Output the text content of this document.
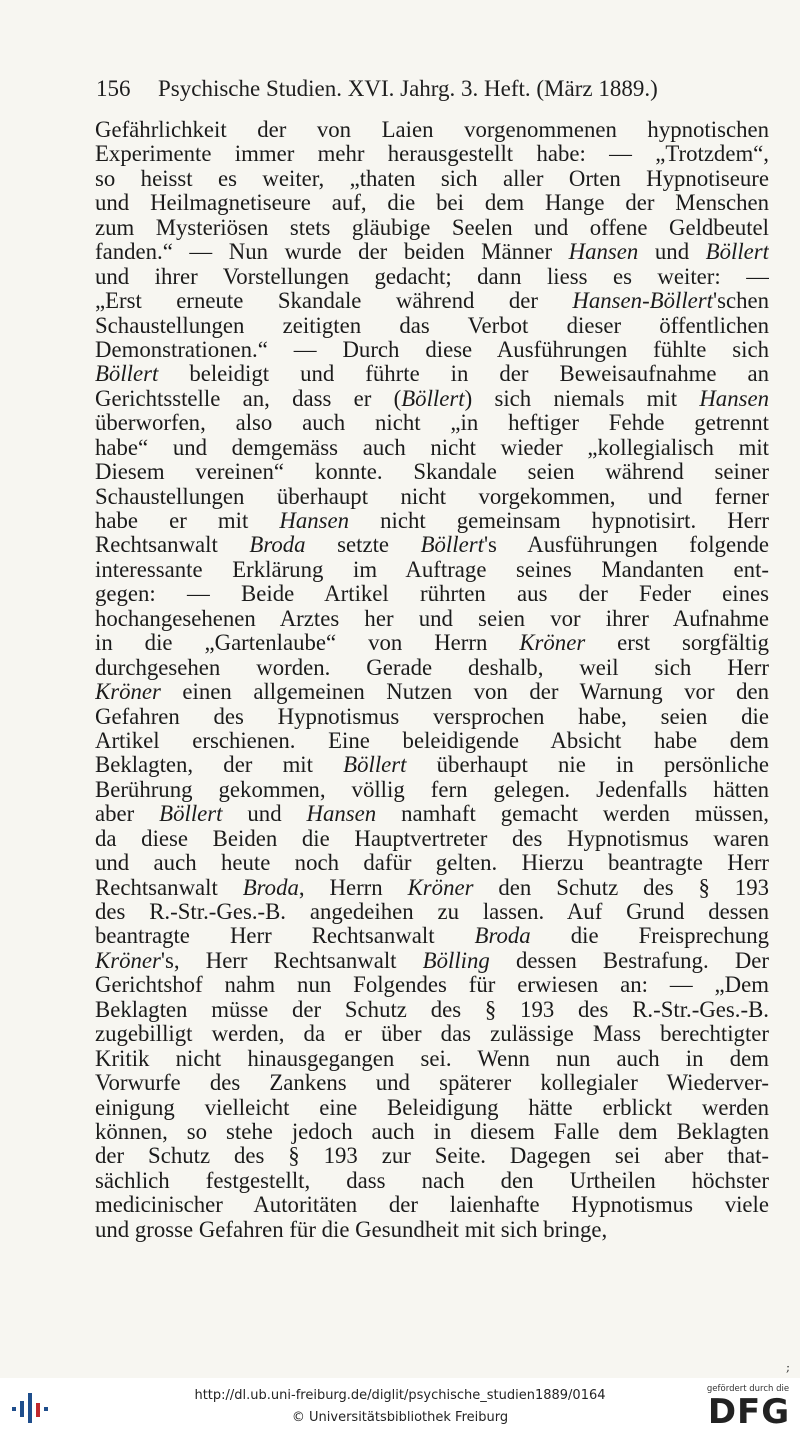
156	Psychische Studien. XVI. Jahrg. 3. Heft. (März 1889.)
Gefährlichkeit der von Laien vorgenommenen hypnotischen
Experimente immer mehr herausgestellt habe: — „Trotzdem“,
so heisst es weiter, „thaten sich aller Orten Hypnotiseure
und Heilmagnetiseure auf, die bei dem Hange der Menschen
zum Mysteriösen stets gläubige Seelen und offene Geldbeutel
fanden.“ — Nun wurde der beiden Männer Hansen und Böllert
und ihrer Vorstellungen gedacht; dann liess es weiter: —
„Erst erneute Skandale während der Hansen-Böllert'schen
Schaustellungen zeitigten das Verbot dieser öffentlichen
Demonstrationen.“ — Durch diese Ausführungen fühlte sich
Böllert beleidigt und führte in der Beweisaufnahme an
Gerichtsstelle an, dass er (Böllert) sich niemals mit Hansen
überworfen, also auch nicht „in heftiger Fehde getrennt
habe“ und demgemäss auch nicht wieder „kollegialisch mit
Diesem vereinen“ konnte. Skandale seien während seiner
Schaustellungen überhaupt nicht vorgekommen, und ferner
habe er mit Hansen nicht gemeinsam hypnotisirt. Herr
Rechtsanwalt Broda setzte Böllert's Ausführungen folgende
interessante Erklärung im Auftrage seines Mandanten ent-
gegen: — Beide Artikel rührten aus der Feder eines
hochangesehenen Arztes her und seien vor ihrer Aufnahme
in die „Gartenlaube“ von Herrn Kröner erst sorgfältig
durchgesehen worden. Gerade deshalb, weil sich Herr
Kröner einen allgemeinen Nutzen von der Warnung vor den
Gefahren des Hypnotismus versprochen habe, seien die
Artikel erschienen. Eine beleidigende Absicht habe dem
Beklagten, der mit Böllert überhaupt nie in persönliche
Berührung gekommen, völlig fern gelegen. Jedenfalls hätten
aber Böllert und Hansen namhaft gemacht werden müssen,
da diese Beiden die Hauptvertreter des Hypnotismus waren
und auch heute noch dafür gelten. Hierzu beantragte Herr
Rechtsanwalt Broda, Herrn Kröner den Schutz des § 193
des R.-Str.-Ges.-B. angedeihen zu lassen. Auf Grund dessen
beantragte Herr Rechtsanwalt Broda die Freisprechung
Kröner's, Herr Rechtsanwalt Bölling dessen Bestrafung. Der
Gerichtshof nahm nun Folgendes für erwiesen an: — „Dem
Beklagten müsse der Schutz des § 193 des R.-Str.-Ges.-B.
zugebilligt werden, da er über das zulässige Mass berechtigter
Kritik nicht hinausgegangen sei. Wenn nun auch in dem
Vorwurfe des Zankens und späterer kollegialer Wiederver-
einigung vielleicht eine Beleidigung hätte erblickt werden
können, so stehe jedoch auch in diesem Falle dem Beklagten
der Schutz des § 193 zur Seite. Dagegen sei aber that-
sächlich festgestellt, dass nach den Urtheilen höchster
medicinischer Autoritäten der laienhafte Hypnotismus viele
und grosse Gefahren für die Gesundheit mit sich bringe,
;
http://dl.ub.uni-freiburg.de/diglit/psychische_studien1889/0164
© Universitätsbibliothek Freiburg
gefördert durch die
DFG
